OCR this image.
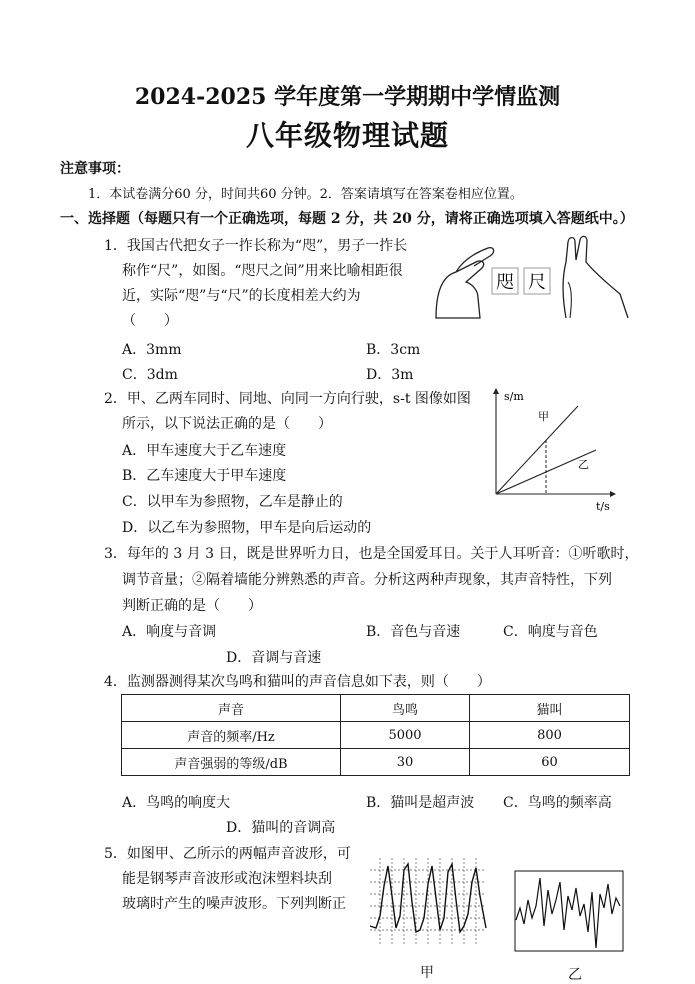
2024-2025 学年度第一学期期中学情监测
八年级物理试题
注意事项：
1．本试卷满分60 分，时间共60 分钟。2．答案请填写在答案卷相应位置。
一、选择题（每题只有一个正确选项，每题 2 分，共 20 分，请将正确选项填入答题纸中。）
1．我国古代把女子一拃长称为“咫”，男子一拃长
称作“尺”，如图。“咫尺之间”用来比喻相距很
近，实际“咫”与“尺”的长度相差大约为
（　　）
A．3mm	B．3cm
C．3dm	D．3m
咫 尺
2．甲、乙两车同时、同地、向同一方向行驶，s-t 图像如图
所示，以下说法正确的是（　　）
A．甲车速度大于乙车速度
B．乙车速度大于甲车速度
C．以甲车为参照物，乙车是静止的
D．以乙车为参照物，甲车是向后运动的
s/m
t/s
甲
乙
3．每年的 3 月 3 日，既是世界听力日，也是全国爱耳日。关于人耳听音：①听歌时，
调节音量；②隔着墙能分辨熟悉的声音。分析这两种声现象，其声音特性，下列
判断正确的是（　　）
A．响度与音调	B．音色与音速	C．响度与音色
D．音调与音速
4．监测器测得某次鸟鸣和猫叫的声音信息如下表，则（　　）
声音	鸟鸣	猫叫
声音的频率/Hz	5000	800
声音强弱的等级/dB	30	60
A．鸟鸣的响度大	B．猫叫是超声波 C．鸟鸣的频率高
D．猫叫的音调高
5．如图甲、乙所示的两幅声音波形，可
能是钢琴声音波形或泡沫塑料块刮
玻璃时产生的噪声波形。下列判断正
甲	乙
